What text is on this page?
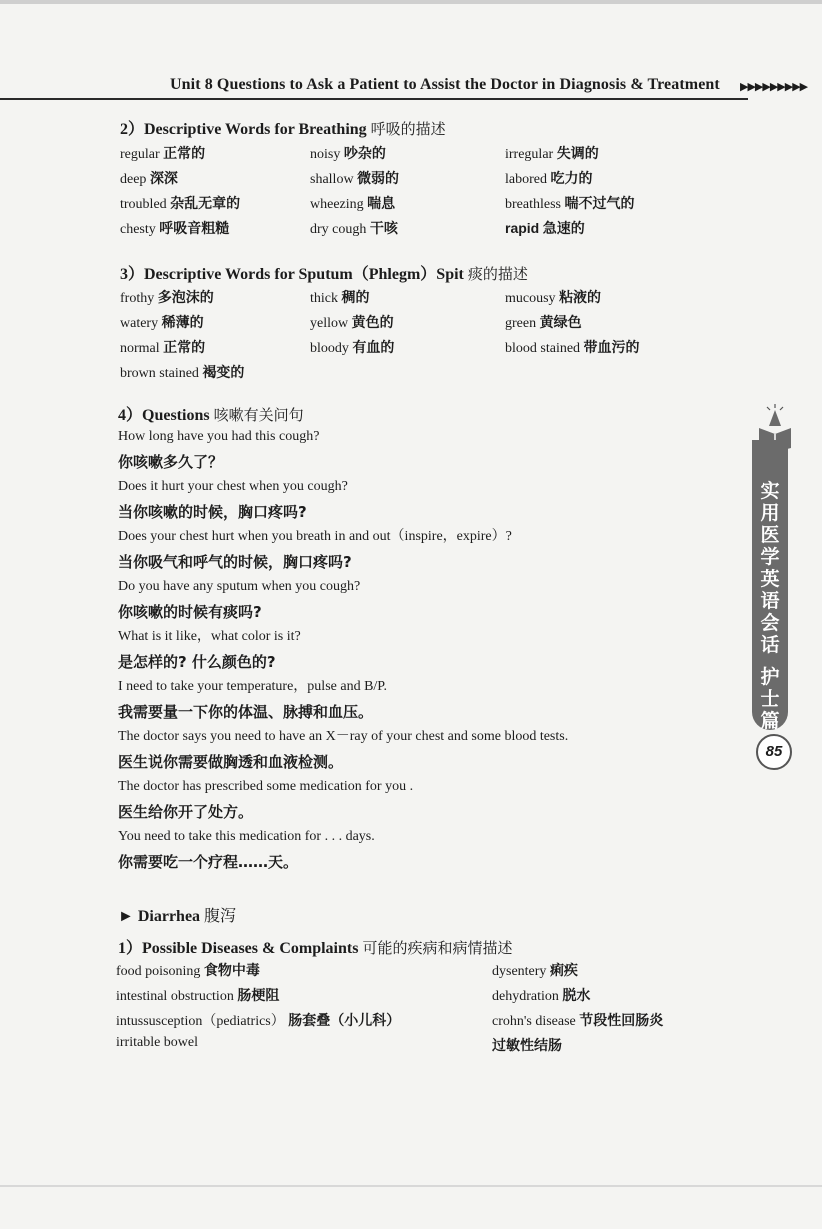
Unit 8 Questions to Ask a Patient to Assist the Doctor in Diagnosis & Treatment ▶▶▶▶▶▶▶▶▶
2）Descriptive Words for Breathing 呼吸的描述
regular 正常的	noisy 吵杂的	irregular 失调的
deep 深深	shallow 微弱的	labored 吃力的
troubled 杂乱无章的	wheezing 喘息	breathless 喘不过气的
chesty 呼吸音粗糙	dry cough 干咳	rapid 急速的
3）Descriptive Words for Sputum（Phlegm）Spit 痰的描述
frothy 多泡沫的	thick 稠的	mucousy 粘液的
watery 稀薄的	yellow 黄色的	green 黄绿色
normal 正常的	bloody 有血的	blood stained 带血污的
brown stained 褐变的
4）Questions 咳嗽有关问句
How long have you had this cough?
你咳嗽多久了？
Does it hurt your chest when you cough?
当你咳嗽的时候，胸口疼吗?
Does your chest hurt when you breath in and out（inspire，expire）?
当你吸气和呼气的时候，胸口疼吗?
Do you have any sputum when you cough?
你咳嗽的时候有痰吗?
What is it like，what color is it?
是怎样的? 什么颜色的?
I need to take your temperature，pulse and B/P.
我需要量一下你的体温、脉搏和血压。
The doctor says you need to have an X－ray of your chest and some blood tests.
医生说你需要做胸透和血液检测。
The doctor has prescribed some medication for you .
医生给你开了处方。
You need to take this medication for . . . days.
你需要吃一个疗程……天。
► Diarrhea 腹泻
1）Possible Diseases & Complaints 可能的疾病和病情描述
food poisoning 食物中毒	dysentery 痢疾
intestinal obstruction 肠梗阻	dehydration 脱水
intussusception（pediatrics） 肠套叠（小儿科）	crohn's disease 节段性回肠炎
irritable bowel	过敏性结肠
实
用
医
学
英
语
会
话

护
士
篇
85
